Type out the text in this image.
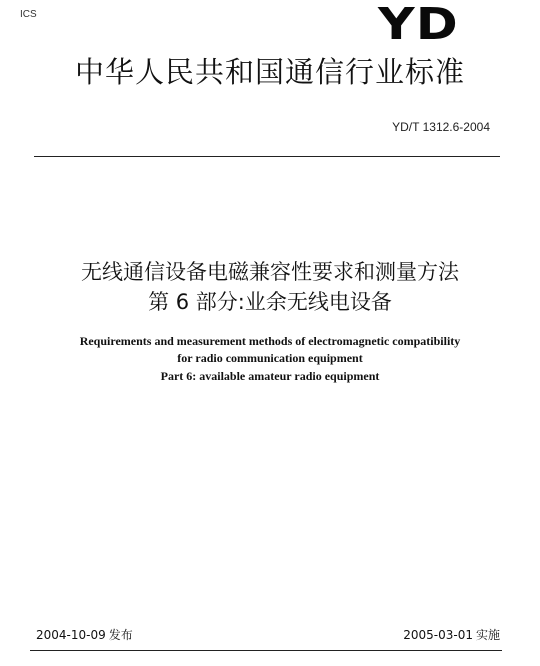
ICS	YD
中华人民共和国通信行业标准
YD/T 1312.6-2004
无线通信设备电磁兼容性要求和测量方法
第 6 部分:业余无线电设备
Requirements and measurement methods of electromagnetic compatibility
for radio communication equipment
Part 6: available amateur radio equipment
2004-10-09 发布	2005-03-01 实施
